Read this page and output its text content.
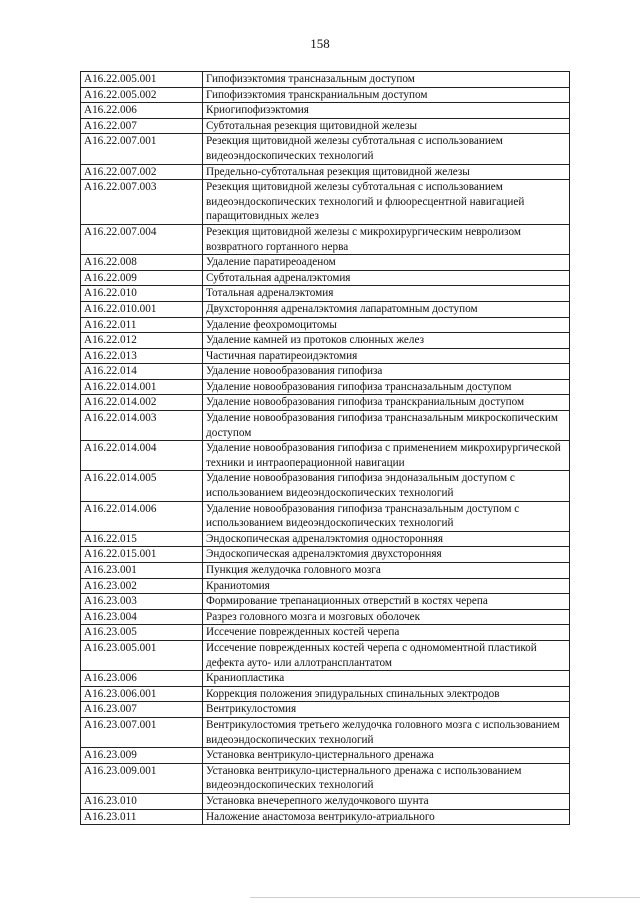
158
A16.22.005.001	Гипофизэктомия трансназальным доступом
A16.22.005.002	Гипофизэктомия транскраниальным доступом
A16.22.006	Криогипофизэктомия
A16.22.007	Субтотальная резекция щитовидной железы
A16.22.007.001	Резекция щитовидной железы субтотальная с использованием видеоэндоскопических технологий
A16.22.007.002	Предельно-субтотальная резекция щитовидной железы
A16.22.007.003	Резекция щитовидной железы субтотальная с использованием видеоэндоскопических технологий и флюоресцентной навигацией паращитовидных желез
A16.22.007.004	Резекция щитовидной железы с микрохирургическим невролизом возвратного гортанного нерва
A16.22.008	Удаление паратиреоаденом
A16.22.009	Субтотальная адреналэктомия
A16.22.010	Тотальная адреналэктомия
A16.22.010.001	Двухсторонняя адреналэктомия лапаратомным доступом
A16.22.011	Удаление феохромоцитомы
A16.22.012	Удаление камней из протоков слюнных желез
A16.22.013	Частичная паратиреоидэктомия
A16.22.014	Удаление новообразования гипофиза
A16.22.014.001	Удаление новообразования гипофиза трансназальным доступом
A16.22.014.002	Удаление новообразования гипофиза транскраниальным доступом
A16.22.014.003	Удаление новообразования гипофиза трансназальным микроскопическим доступом
A16.22.014.004	Удаление новообразования гипофиза с применением микрохирургической техники и интраоперационной навигации
A16.22.014.005	Удаление новообразования гипофиза эндоназальным доступом с использованием видеоэндоскопических технологий
A16.22.014.006	Удаление новообразования гипофиза трансназальным доступом с использованием видеоэндоскопических технологий
A16.22.015	Эндоскопическая адреналэктомия односторонняя
A16.22.015.001	Эндоскопическая адреналэктомия двухсторонняя
A16.23.001	Пункция желудочка головного мозга
A16.23.002	Краниотомия
A16.23.003	Формирование трепанационных отверстий в костях черепа
A16.23.004	Разрез головного мозга и мозговых оболочек
A16.23.005	Иссечение поврежденных костей черепа
A16.23.005.001	Иссечение поврежденных костей черепа с одномоментной пластикой дефекта ауто- или аллотрансплантатом
A16.23.006	Краниопластика
A16.23.006.001	Коррекция положения эпидуральных спинальных электродов
A16.23.007	Вентрикулостомия
A16.23.007.001	Вентрикулостомия третьего желудочка головного мозга с использованием видеоэндоскопических технологий
A16.23.009	Установка вентрикуло-цистернального дренажа
A16.23.009.001	Установка вентрикуло-цистернального дренажа с использованием видеоэндоскопических технологий
A16.23.010	Установка внечерепного желудочкового шунта
A16.23.011	Наложение анастомоза вентрикуло-атриального
